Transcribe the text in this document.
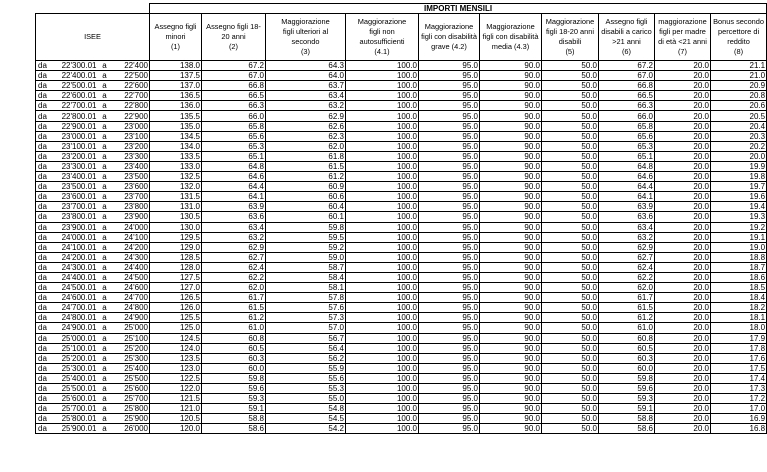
				IMPORTI MENSILI									
ISEE				Assegno figli
minori
(1)	Assegno figli 18-
20 anni
(2)	Maggiorazione
figli ulteriori al
secondo
(3)	Maggiorazione
figli non
autosufficienti
(4.1)	Maggiorazione
figli con disabilità
grave (4.2)	Maggiorazione
figli con disabilità
media (4.3)	Maggiorazione
figli 18-20 anni
disabili
(5)	Assegno figli
disabili a carico
>21 anni
(6)	maggiorazione
figli per madre
di età <21 anni
(7)	Bonus secondo
percettore di
reddito
(8)

da	22'300.01	a	22'400	138.0	67.2	64.3	100.0	95.0	90.0	50.0	67.2	20.0	21.1
da	22'400.01	a	22'500	137.5	67.0	64.0	100.0	95.0	90.0	50.0	67.0	20.0	21.0
da	22'500.01	a	22'600	137.0	66.8	63.7	100.0	95.0	90.0	50.0	66.8	20.0	20.9
da	22'600.01	a	22'700	136.5	66.5	63.4	100.0	95.0	90.0	50.0	66.5	20.0	20.8
da	22'700.01	a	22'800	136.0	66.3	63.2	100.0	95.0	90.0	50.0	66.3	20.0	20.6
da	22'800.01	a	22'900	135.5	66.0	62.9	100.0	95.0	90.0	50.0	66.0	20.0	20.5
da	22'900.01	a	23'000	135.0	65.8	62.6	100.0	95.0	90.0	50.0	65.8	20.0	20.4
da	23'000.01	a	23'100	134.5	65.6	62.3	100.0	95.0	90.0	50.0	65.6	20.0	20.3
da	23'100.01	a	23'200	134.0	65.3	62.0	100.0	95.0	90.0	50.0	65.3	20.0	20.2
da	23'200.01	a	23'300	133.5	65.1	61.8	100.0	95.0	90.0	50.0	65.1	20.0	20.0
da	23'300.01	a	23'400	133.0	64.8	61.5	100.0	95.0	90.0	50.0	64.8	20.0	19.9
da	23'400.01	a	23'500	132.5	64.6	61.2	100.0	95.0	90.0	50.0	64.6	20.0	19.8
da	23'500.01	a	23'600	132.0	64.4	60.9	100.0	95.0	90.0	50.0	64.4	20.0	19.7
da	23'600.01	a	23'700	131.5	64.1	60.6	100.0	95.0	90.0	50.0	64.1	20.0	19.6
da	23'700.01	a	23'800	131.0	63.9	60.4	100.0	95.0	90.0	50.0	63.9	20.0	19.4
da	23'800.01	a	23'900	130.5	63.6	60.1	100.0	95.0	90.0	50.0	63.6	20.0	19.3
da	23'900.01	a	24'000	130.0	63.4	59.8	100.0	95.0	90.0	50.0	63.4	20.0	19.2
da	24'000.01	a	24'100	129.5	63.2	59.5	100.0	95.0	90.0	50.0	63.2	20.0	19.1
da	24'100.01	a	24'200	129.0	62.9	59.2	100.0	95.0	90.0	50.0	62.9	20.0	19.0
da	24'200.01	a	24'300	128.5	62.7	59.0	100.0	95.0	90.0	50.0	62.7	20.0	18.8
da	24'300.01	a	24'400	128.0	62.4	58.7	100.0	95.0	90.0	50.0	62.4	20.0	18.7
da	24'400.01	a	24'500	127.5	62.2	58.4	100.0	95.0	90.0	50.0	62.2	20.0	18.6
da	24'500.01	a	24'600	127.0	62.0	58.1	100.0	95.0	90.0	50.0	62.0	20.0	18.5
da	24'600.01	a	24'700	126.5	61.7	57.8	100.0	95.0	90.0	50.0	61.7	20.0	18.4
da	24'700.01	a	24'800	126.0	61.5	57.6	100.0	95.0	90.0	50.0	61.5	20.0	18.2
da	24'800.01	a	24'900	125.5	61.2	57.3	100.0	95.0	90.0	50.0	61.2	20.0	18.1
da	24'900.01	a	25'000	125.0	61.0	57.0	100.0	95.0	90.0	50.0	61.0	20.0	18.0
da	25'000.01	a	25'100	124.5	60.8	56.7	100.0	95.0	90.0	50.0	60.8	20.0	17.9
da	25'100.01	a	25'200	124.0	60.5	56.4	100.0	95.0	90.0	50.0	60.5	20.0	17.8
da	25'200.01	a	25'300	123.5	60.3	56.2	100.0	95.0	90.0	50.0	60.3	20.0	17.6
da	25'300.01	a	25'400	123.0	60.0	55.9	100.0	95.0	90.0	50.0	60.0	20.0	17.5
da	25'400.01	a	25'500	122.5	59.8	55.6	100.0	95.0	90.0	50.0	59.8	20.0	17.4
da	25'500.01	a	25'600	122.0	59.6	55.3	100.0	95.0	90.0	50.0	59.6	20.0	17.3
da	25'600.01	a	25'700	121.5	59.3	55.0	100.0	95.0	90.0	50.0	59.3	20.0	17.2
da	25'700.01	a	25'800	121.0	59.1	54.8	100.0	95.0	90.0	50.0	59.1	20.0	17.0
da	25'800.01	a	25'900	120.5	58.8	54.5	100.0	95.0	90.0	50.0	58.8	20.0	16.9
da	25'900.01	a	26'000	120.0	58.6	54.2	100.0	95.0	90.0	50.0	58.6	20.0	16.8
